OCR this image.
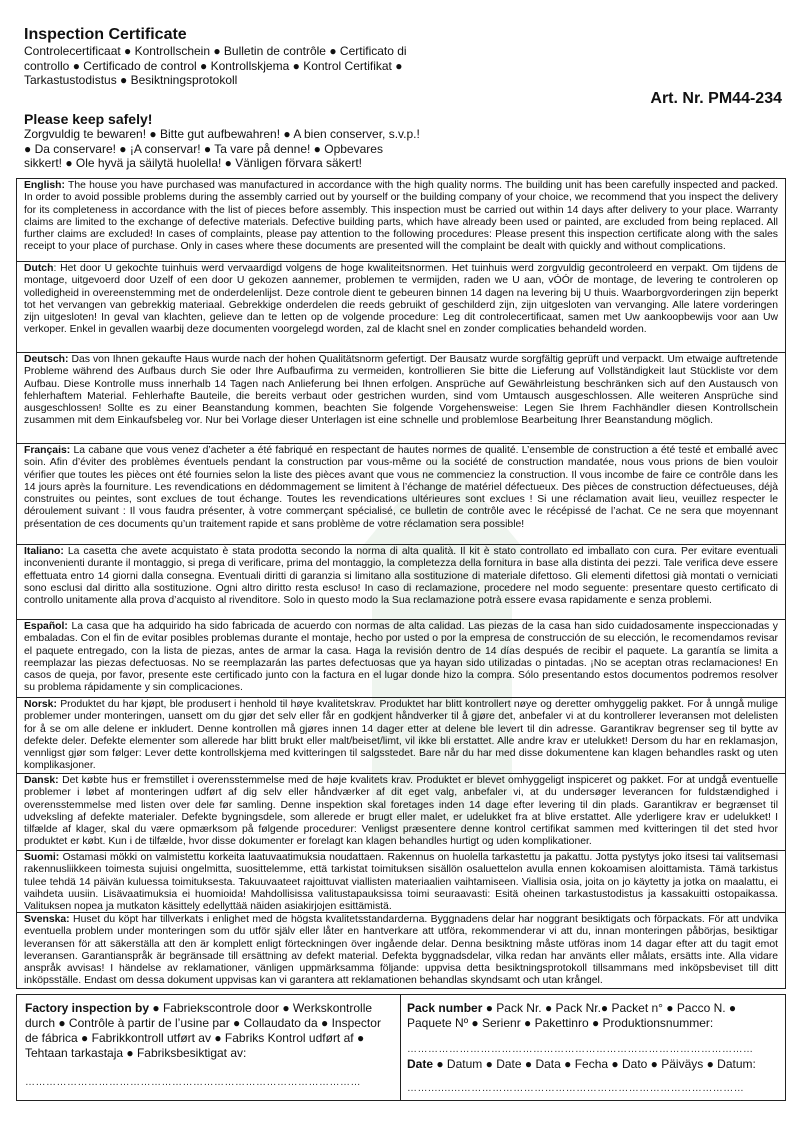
Inspection Certificate
Controlecertificaat ● Kontrollschein ● Bulletin de contrôle ● Certificato di controllo ● Certificado de control ● Kontrollskjema ● Kontrol Certifikat ● Tarkastustodistus ● Besiktningsprotokoll
Art. Nr. PM44-234
Please keep safely!
Zorgvuldig te bewaren! ● Bitte gut aufbewahren! ● A bien conserver, s.v.p.! ● Da conservare! ● ¡A conservar! ● Ta vare på denne! ● Opbevares sikkert! ● Ole hyvä ja säilytä huolella! ● Vänligen förvara säkert!
English: The house you have purchased was manufactured in accordance with the high quality norms. The building unit has been carefully inspected and packed. In order to avoid possible problems during the assembly carried out by yourself or the building company of your choice, we recommend that you inspect the delivery for its completeness in accordance with the list of pieces before assembly. This inspection must be carried out within 14 days after delivery to your place. Warranty claims are limited to the exchange of defective materials. Defective building parts, which have already been used or painted, are excluded from being replaced. All further claims are excluded! In cases of complaints, please pay attention to the following procedures: Please present this inspection certificate along with the sales receipt to your place of purchase. Only in cases where these documents are presented will the complaint be dealt with quickly and without complications.
Dutch: Het door U gekochte tuinhuis werd vervaardigd volgens de hoge kwaliteitsnormen. Het tuinhuis werd zorgvuldig gecontroleerd en verpakt. Om tijdens de montage, uitgevoerd door Uzelf of een door U gekozen aannemer, problemen te vermijden, raden we U aan, vÓÓr de montage, de levering te controleren op volledigheid in overeenstemming met de onderdelenlijst. Deze controle dient te gebeuren binnen 14 dagen na levering bij U thuis. Waarborgvorderingen zijn beperkt tot het vervangen van gebrekkig materiaal. Gebrekkige onderdelen die reeds gebruikt of geschilderd zijn, zijn uitgesloten van vervanging. Alle latere vorderingen zijn uitgesloten! In geval van klachten, gelieve dan te letten op de volgende procedure: Leg dit controlecertificaat, samen met Uw aankoopbewijs voor aan Uw verkoper. Enkel in gevallen waarbij deze documenten voorgelegd worden, zal de klacht snel en zonder complicaties behandeld worden.
Deutsch: Das von Ihnen gekaufte Haus wurde nach der hohen Qualitätsnorm gefertigt. Der Bausatz wurde sorgfältig geprüft und verpackt. Um etwaige auftretende Probleme während des Aufbaus durch Sie oder Ihre Aufbaufirma zu vermeiden, kontrollieren Sie bitte die Lieferung auf Vollständigkeit laut Stückliste vor dem Aufbau. Diese Kontrolle muss innerhalb 14 Tagen nach Anlieferung bei Ihnen erfolgen. Ansprüche auf Gewährleistung beschränken sich auf den Austausch von fehlerhaftem Material. Fehlerhafte Bauteile, die bereits verbaut oder gestrichen wurden, sind vom Umtausch ausgeschlossen. Alle weiteren Ansprüche sind ausgeschlossen! Sollte es zu einer Beanstandung kommen, beachten Sie folgende Vorgehensweise: Legen Sie Ihrem Fachhändler diesen Kontrollschein zusammen mit dem Einkaufsbeleg vor. Nur bei Vorlage dieser Unterlagen ist eine schnelle und problemlose Bearbeitung Ihrer Beanstandung möglich.
Français: La cabane que vous venez d’acheter a été fabriqué en respectant de hautes normes de qualité. L’ensemble de construction a été testé et emballé avec soin. Afin d’éviter des problèmes éventuels pendant la construction par vous-même ou la société de construction mandatée, nous vous prions de bien vouloir vérifier que toutes les pièces ont été fournies selon la liste des pièces avant que vous ne commenciez la construction. Il vous incombe de faire ce contrôle dans les 14 jours après la fourniture. Les revendications en dédommagement se limitent à l’échange de matériel défectueux. Des pièces de construction défectueuses, déjà construites ou peintes, sont exclues de tout échange. Toutes les revendications ultérieures sont exclues ! Si une réclamation avait lieu, veuillez respecter le déroulement suivant : Il vous faudra présenter, à votre commerçant spécialisé, ce bulletin de contrôle avec le récépissé de l’achat. Ce ne sera que moyennant présentation de ces documents qu’un traitement rapide et sans problème de votre réclamation sera possible!
Italiano: La casetta che avete acquistato è stata prodotta secondo la norma di alta qualità. Il kit è stato controllato ed imballato con cura. Per evitare eventuali inconvenienti durante il montaggio, si prega di verificare, prima del montaggio, la completezza della fornitura in base alla distinta dei pezzi. Tale verifica deve essere effettuata entro 14 giorni dalla consegna. Eventuali diritti di garanzia si limitano alla sostituzione di materiale difettoso. Gli elementi difettosi già montati o verniciati sono esclusi dal diritto alla sostituzione. Ogni altro diritto resta escluso! In caso di reclamazione, procedere nel modo seguente: presentare questo certificato di controllo unitamente alla prova d’acquisto al rivenditore. Solo in questo modo la Sua reclamazione potrà essere evasa rapidamente e senza problemi.
Español: La casa que ha adquirido ha sido fabricada de acuerdo con normas de alta calidad. Las piezas de la casa han sido cuidadosamente inspeccionadas y embaladas. Con el fin de evitar posibles problemas durante el montaje, hecho por usted o por la empresa de construcción de su elección, le recomendamos revisar el paquete entregado, con la lista de piezas, antes de armar la casa. Haga la revisión dentro de 14 días después de recibir el paquete. La garantía se limita a reemplazar las piezas defectuosas. No se reemplazarán las partes defectuosas que ya hayan sido utilizadas o pintadas. ¡No se aceptan otras reclamaciones! En casos de queja, por favor, presente este certificado junto con la factura en el lugar donde hizo la compra. Sólo presentando estos documentos podremos resolver su problema rápidamente y sin complicaciones.
Norsk: Produktet du har kjøpt, ble produsert i henhold til høye kvalitetskrav. Produktet har blitt kontrollert nøye og deretter omhyggelig pakket. For å unngå mulige problemer under monteringen, uansett om du gjør det selv eller får en godkjent håndverker til å gjøre det, anbefaler vi at du kontrollerer leveransen mot delelisten for å se om alle delene er inkludert. Denne kontrollen må gjøres innen 14 dager etter at delene ble levert til din adresse. Garantikrav begrenser seg til bytte av defekte deler. Defekte elementer som allerede har blitt brukt eller malt/beiset/limt, vil ikke bli erstattet. Alle andre krav er utelukket! Dersom du har en reklamasjon, vennligst gjør som følger: Lever dette kontrollskjema med kvitteringen til salgsstedet. Bare når du har med disse dokumentene kan klagen behandles raskt og uten komplikasjoner.
Dansk: Det købte hus er fremstillet i overensstemmelse med de høje kvalitets krav. Produktet er blevet omhyggeligt inspiceret og pakket. For at undgå eventuelle problemer i løbet af monteringen udført af dig selv eller håndværker af dit eget valg, anbefaler vi, at du undersøger leverancen for fuldstændighed i overensstemmelse med listen over dele før samling. Denne inspektion skal foretages inden 14 dage efter levering til din plads. Garantikrav er begrænset til udveksling af defekte materialer. Defekte bygningsdele, som allerede er brugt eller malet, er udelukket fra at blive erstattet. Alle yderligere krav er udelukket! I tilfælde af klager, skal du være opmærksom på følgende procedurer: Venligst præsentere denne kontrol certifikat sammen med kvitteringen til det sted hvor produktet er købt. Kun i de tilfælde, hvor disse dokumenter er forelagt kan klagen behandles hurtigt og uden komplikationer.
Suomi: Ostamasi mökki on valmistettu korkeita laatuvaatimuksia noudattaen. Rakennus on huolella tarkastettu ja pakattu. Jotta pystytys joko itsesi tai valitsemasi rakennusliikkeen toimesta sujuisi ongelmitta, suosittelemme, että tarkistat toimituksen sisällön osaluettelon avulla ennen kokoamisen aloittamista. Tämä tarkistus tulee tehdä 14 päivän kuluessa toimituksesta. Takuuvaateet rajoittuvat viallisten materiaalien vaihtamiseen. Viallisia osia, joita on jo käytetty ja jotka on maalattu, ei vaihdeta uusiin. Lisävaatimuksia ei huomioida! Mahdollisissa valitustapauksissa toimi seuraavasti: Esitä oheinen tarkastustodistus ja kassakuitti ostopaikassa. Valituksen nopea ja mutkaton käsittely edellyttää näiden asiakirjojen esittämistä.
Svenska: Huset du köpt har tillverkats i enlighet med de högsta kvalitetsstandarderna. Byggnadens delar har noggrant besiktigats och förpackats. För att undvika eventuella problem under monteringen som du utför själv eller låter en hantverkare att utföra, rekommenderar vi att du, innan monteringen påbörjas, besiktigar leveransen för att säkerställa att den är komplett enligt förteckningen över ingående delar. Denna besiktning måste utföras inom 14 dagar efter att du tagit emot leveransen. Garantianspråk är begränsade till ersättning av defekt material. Defekta byggnadsdelar, vilka redan har använts eller målats, ersätts inte. Alla vidare anspråk avvisas! I händelse av reklamationer, vänligen uppmärksamma följande: uppvisa detta besiktningsprotokoll tillsammans med inköpsbeviset till ditt inköpsställe. Endast om dessa dokument uppvisas kan vi garantera att reklamationen behandlas skyndsamt och utan krångel.
Factory inspection by ● Fabriekscontrole door ● Werkskontrolle durch ● Contrôle à partir de l’usine par ● Collaudato da ● Inspector de fábrica ● Fabrikkontroll utført av ● Fabriks Kontrol udført af ● Tehtaan tarkastaja ● Fabriksbesiktigat av:
……………………………………………………………………………………
Pack number ● Pack Nr. ● Pack Nr.● Packet n° ● Pacco N. ● Paquete Nº ● Serienr ● Pakettinro ● Produktionsnummer:
………………………………………………………………………………………
Date ● Datum ● Date ● Data ● Fecha ● Dato ● Päiväys ● Datum:
……..........………………………………………………………………………
